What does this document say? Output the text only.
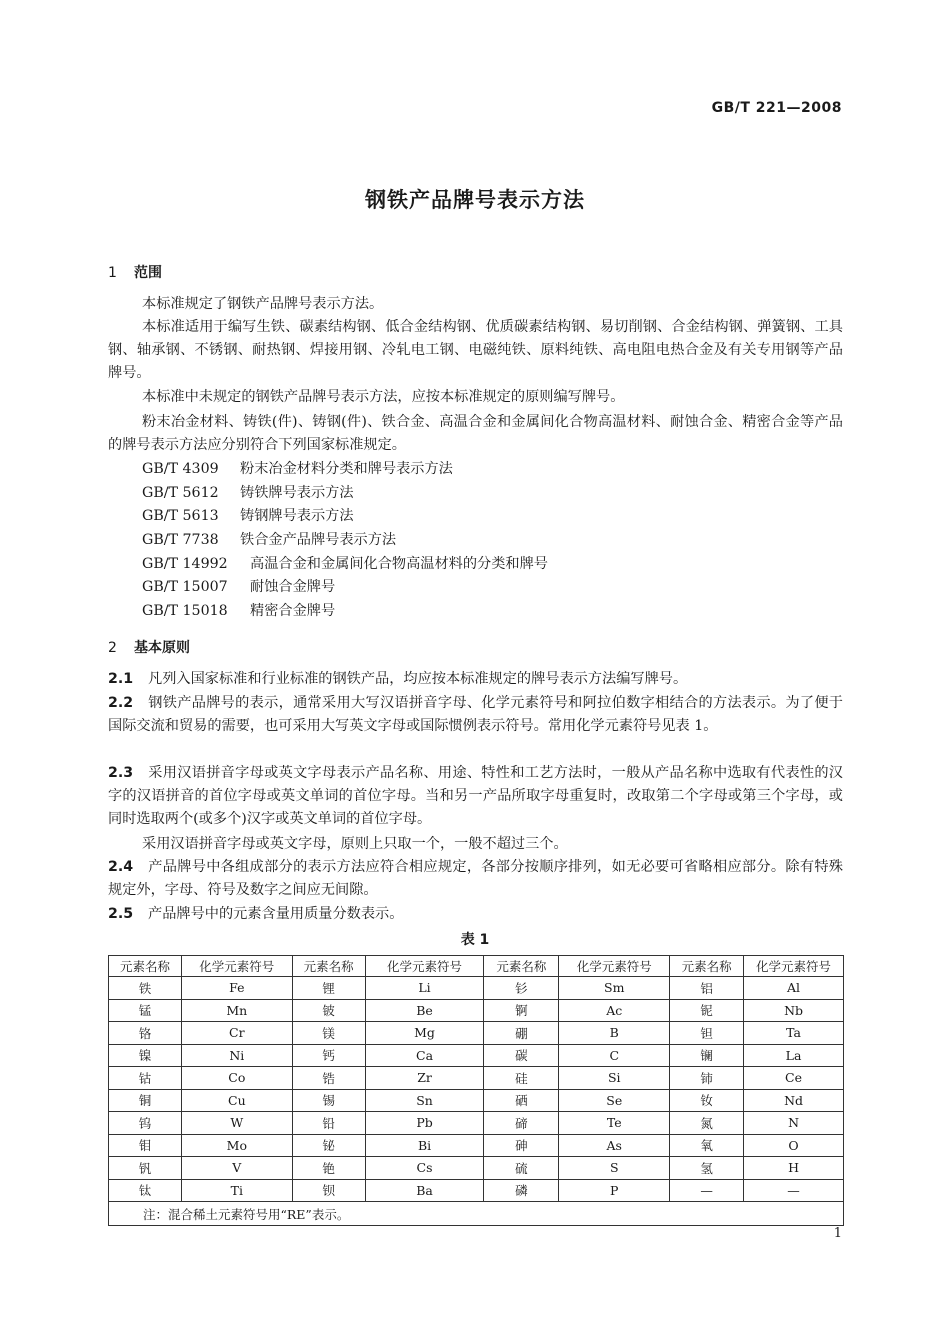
GB/T 221—2008
钢铁产品牌号表示方法
1 范围
本标准规定了钢铁产品牌号表示方法。
本标准适用于编写生铁、碳素结构钢、低合金结构钢、优质碳素结构钢、易切削钢、合金结构钢、弹簧钢、工具钢、轴承钢、不锈钢、耐热钢、焊接用钢、冷轧电工钢、电磁纯铁、原料纯铁、高电阻电热合金及有关专用钢等产品牌号。
本标准中未规定的钢铁产品牌号表示方法，应按本标准规定的原则编写牌号。
粉末冶金材料、铸铁(件)、铸钢(件)、铁合金、高温合金和金属间化合物高温材料、耐蚀合金、精密合金等产品的牌号表示方法应分别符合下列国家标准规定。
GB/T 4309 粉末冶金材料分类和牌号表示方法
GB/T 5612 铸铁牌号表示方法
GB/T 5613 铸钢牌号表示方法
GB/T 7738 铁合金产品牌号表示方法
GB/T 14992 高温合金和金属间化合物高温材料的分类和牌号
GB/T 15007 耐蚀合金牌号
GB/T 15018 精密合金牌号
2 基本原则
2.1 凡列入国家标准和行业标准的钢铁产品，均应按本标准规定的牌号表示方法编写牌号。
2.2 钢铁产品牌号的表示，通常采用大写汉语拼音字母、化学元素符号和阿拉伯数字相结合的方法表示。为了便于国际交流和贸易的需要，也可采用大写英文字母或国际惯例表示符号。常用化学元素符号见表 1。
2.3 采用汉语拼音字母或英文字母表示产品名称、用途、特性和工艺方法时，一般从产品名称中选取有代表性的汉字的汉语拼音的首位字母或英文单词的首位字母。当和另一产品所取字母重复时，改取第二个字母或第三个字母，或同时选取两个(或多个)汉字或英文单词的首位字母。
采用汉语拼音字母或英文字母，原则上只取一个，一般不超过三个。
2.4 产品牌号中各组成部分的表示方法应符合相应规定，各部分按顺序排列，如无必要可省略相应部分。除有特殊规定外，字母、符号及数字之间应无间隙。
2.5 产品牌号中的元素含量用质量分数表示。
表 1
元素名称	化学元素符号	元素名称	化学元素符号	元素名称	化学元素符号	元素名称	化学元素符号
铁	Fe	锂	Li	钐	Sm	铝	Al
锰	Mn	铍	Be	锕	Ac	铌	Nb
铬	Cr	镁	Mg	硼	B	钽	Ta
镍	Ni	钙	Ca	碳	C	镧	La
钴	Co	锆	Zr	硅	Si	铈	Ce
铜	Cu	锡	Sn	硒	Se	钕	Nd
钨	W	铅	Pb	碲	Te	氮	N
钼	Mo	铋	Bi	砷	As	氧	O
钒	V	铯	Cs	硫	S	氢	H
钛	Ti	钡	Ba	磷	P	—	—
注：混合稀土元素符号用“RE”表示。							
1
